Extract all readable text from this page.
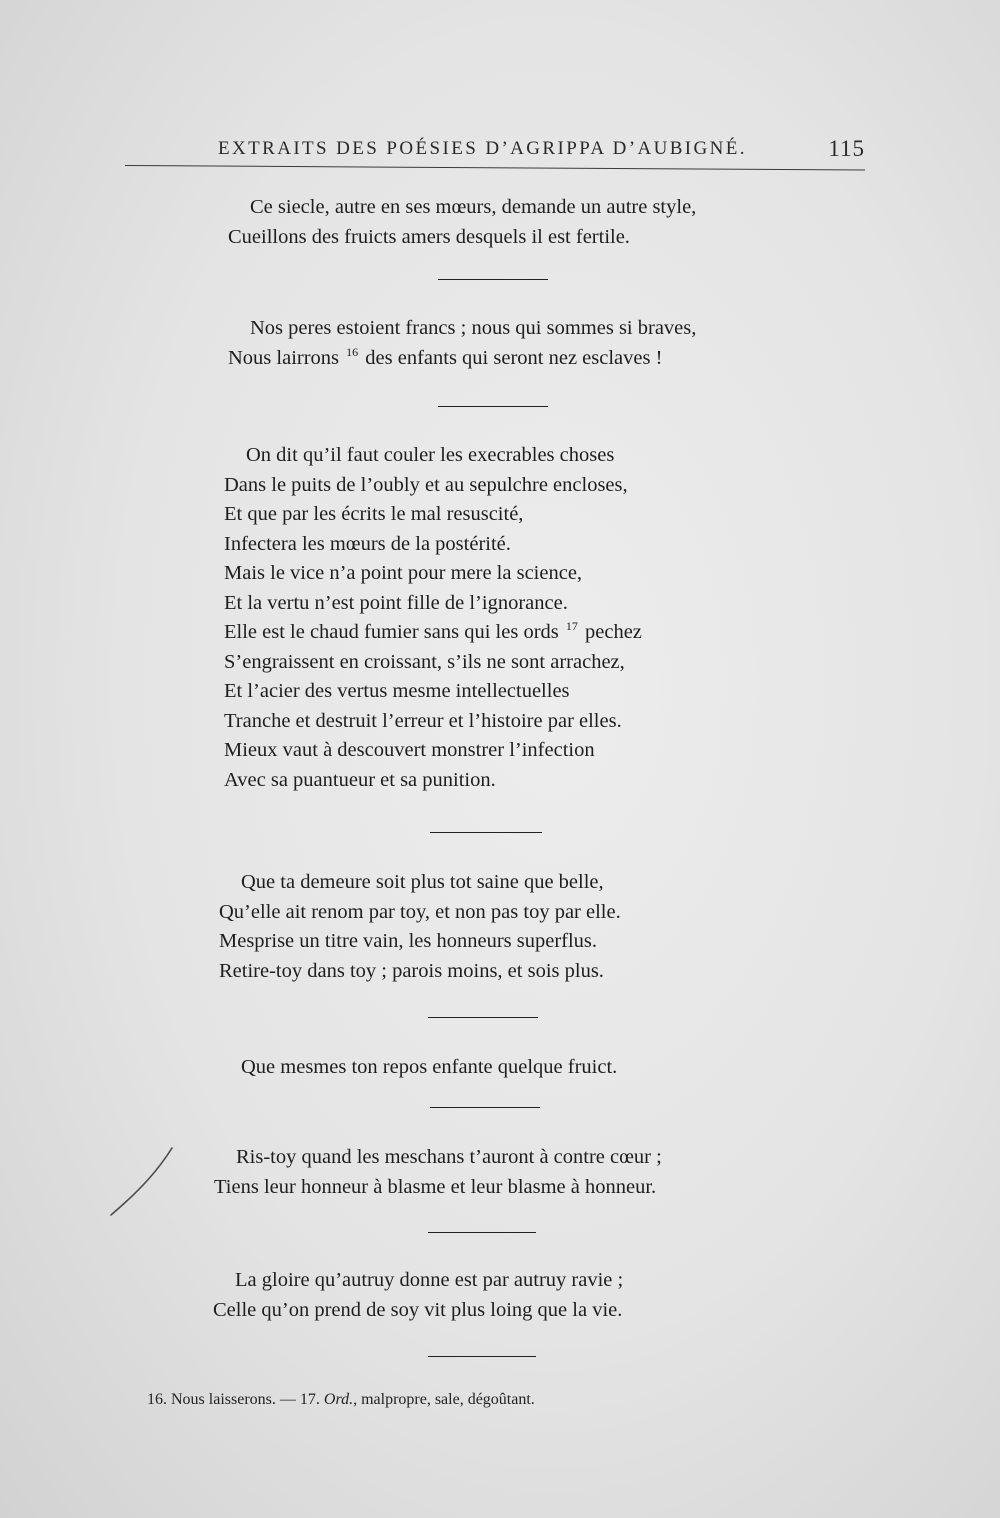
EXTRAITS DES POÉSIES D’AGRIPPA D’AUBIGNÉ.	115
Ce siecle, autre en ses mœurs, demande un autre style,
Cueillons des fruicts amers desquels il est fertile.
Nos peres estoient francs ; nous qui sommes si braves,
Nous lairrons $^{16}$ des enfants qui seront nez esclaves !
On dit qu’il faut couler les execrables choses
Dans le puits de l’oubly et au sepulchre encloses,
Et que par les écrits le mal resuscité,
Infectera les mœurs de la postérité.
Mais le vice n’a point pour mere la science,
Et la vertu n’est point fille de l’ignorance.
Elle est le chaud fumier sans qui les ords $^{17}$ pechez
S’engraissent en croissant, s’ils ne sont arrachez,
Et l’acier des vertus mesme intellectuelles
Tranche et destruit l’erreur et l’histoire par elles.
Mieux vaut à descouvert monstrer l’infection
Avec sa puantueur et sa punition.
Que ta demeure soit plus tot saine que belle,
Qu’elle ait renom par toy, et non pas toy par elle.
Mesprise un titre vain, les honneurs superflus.
Retire-toy dans toy ; parois moins, et sois plus.
Que mesmes ton repos enfante quelque fruict.
Ris-toy quand les meschans t’auront à contre cœur ;
Tiens leur honneur à blasme et leur blasme à honneur.
La gloire qu’autruy donne est par autruy ravie ;
Celle qu’on prend de soy vit plus loing que la vie.
16. Nous laisserons. — 17. Ord., malpropre, sale, dégoûtant.
